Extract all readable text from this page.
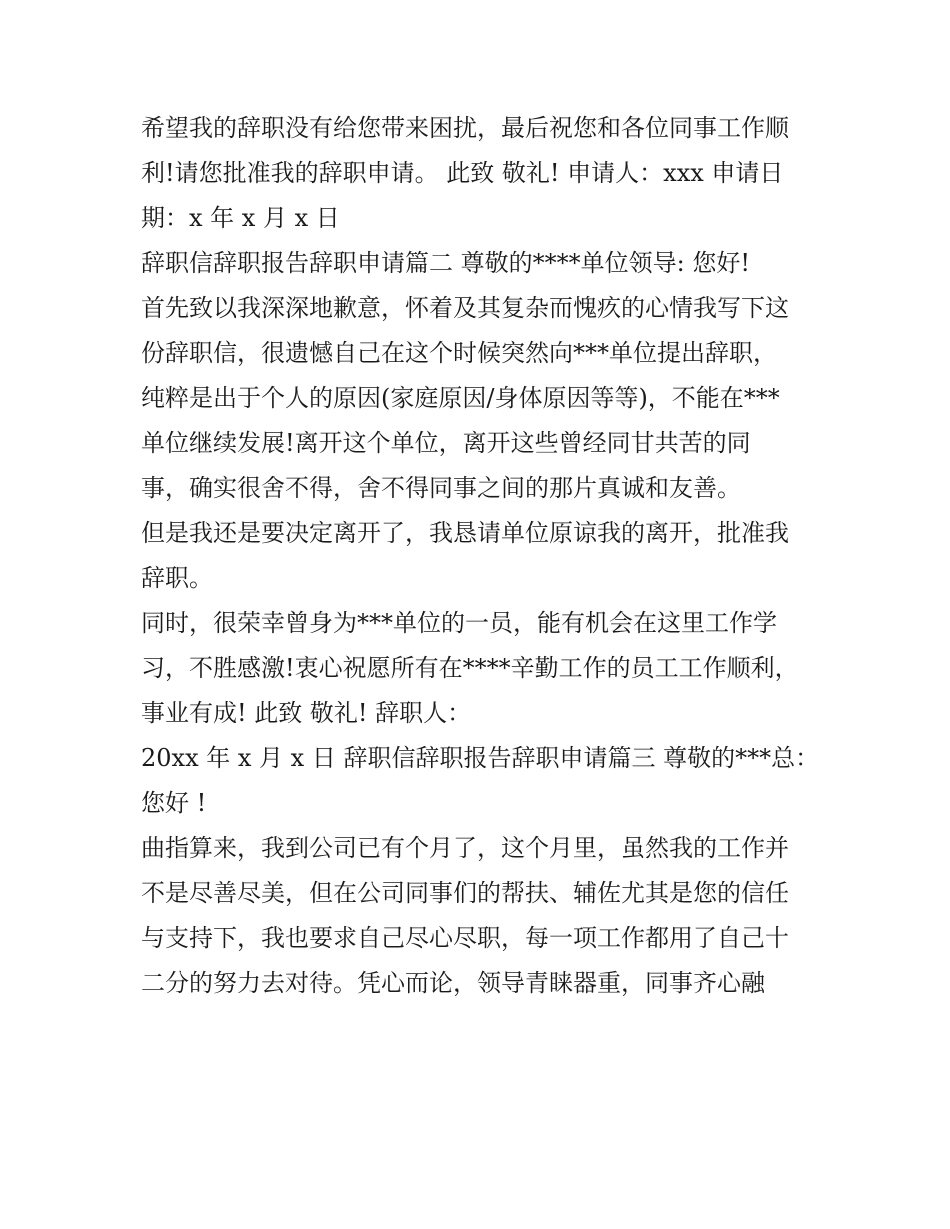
希望我的辞职没有给您带来困扰，最后祝您和各位同事工作顺
利!请您批准我的辞职申请。 此致 敬礼! 申请人：xxx 申请日
期：x 年 x 月 x 日
辞职信辞职报告辞职申请篇二 尊敬的****单位领导: 您好!
首先致以我深深地歉意，怀着及其复杂而愧疚的心情我写下这
份辞职信，很遗憾自己在这个时候突然向***单位提出辞职，
纯粹是出于个人的原因(家庭原因/身体原因等等)，不能在***
单位继续发展!离开这个单位，离开这些曾经同甘共苦的同
事，确实很舍不得，舍不得同事之间的那片真诚和友善。
但是我还是要决定离开了，我恳请单位原谅我的离开，批准我
辞职。
同时，很荣幸曾身为***单位的一员，能有机会在这里工作学
习，不胜感激!衷心祝愿所有在****辛勤工作的员工工作顺利，
事业有成! 此致 敬礼! 辞职人：
20xx 年 x 月 x 日 辞职信辞职报告辞职申请篇三 尊敬的***总：
您好 !
曲指算来，我到公司已有个月了，这个月里，虽然我的工作并
不是尽善尽美，但在公司同事们的帮扶、辅佐尤其是您的信任
与支持下，我也要求自己尽心尽职，每一项工作都用了自己十
二分的努力去对待。凭心而论，领导青睐器重，同事齐心融
